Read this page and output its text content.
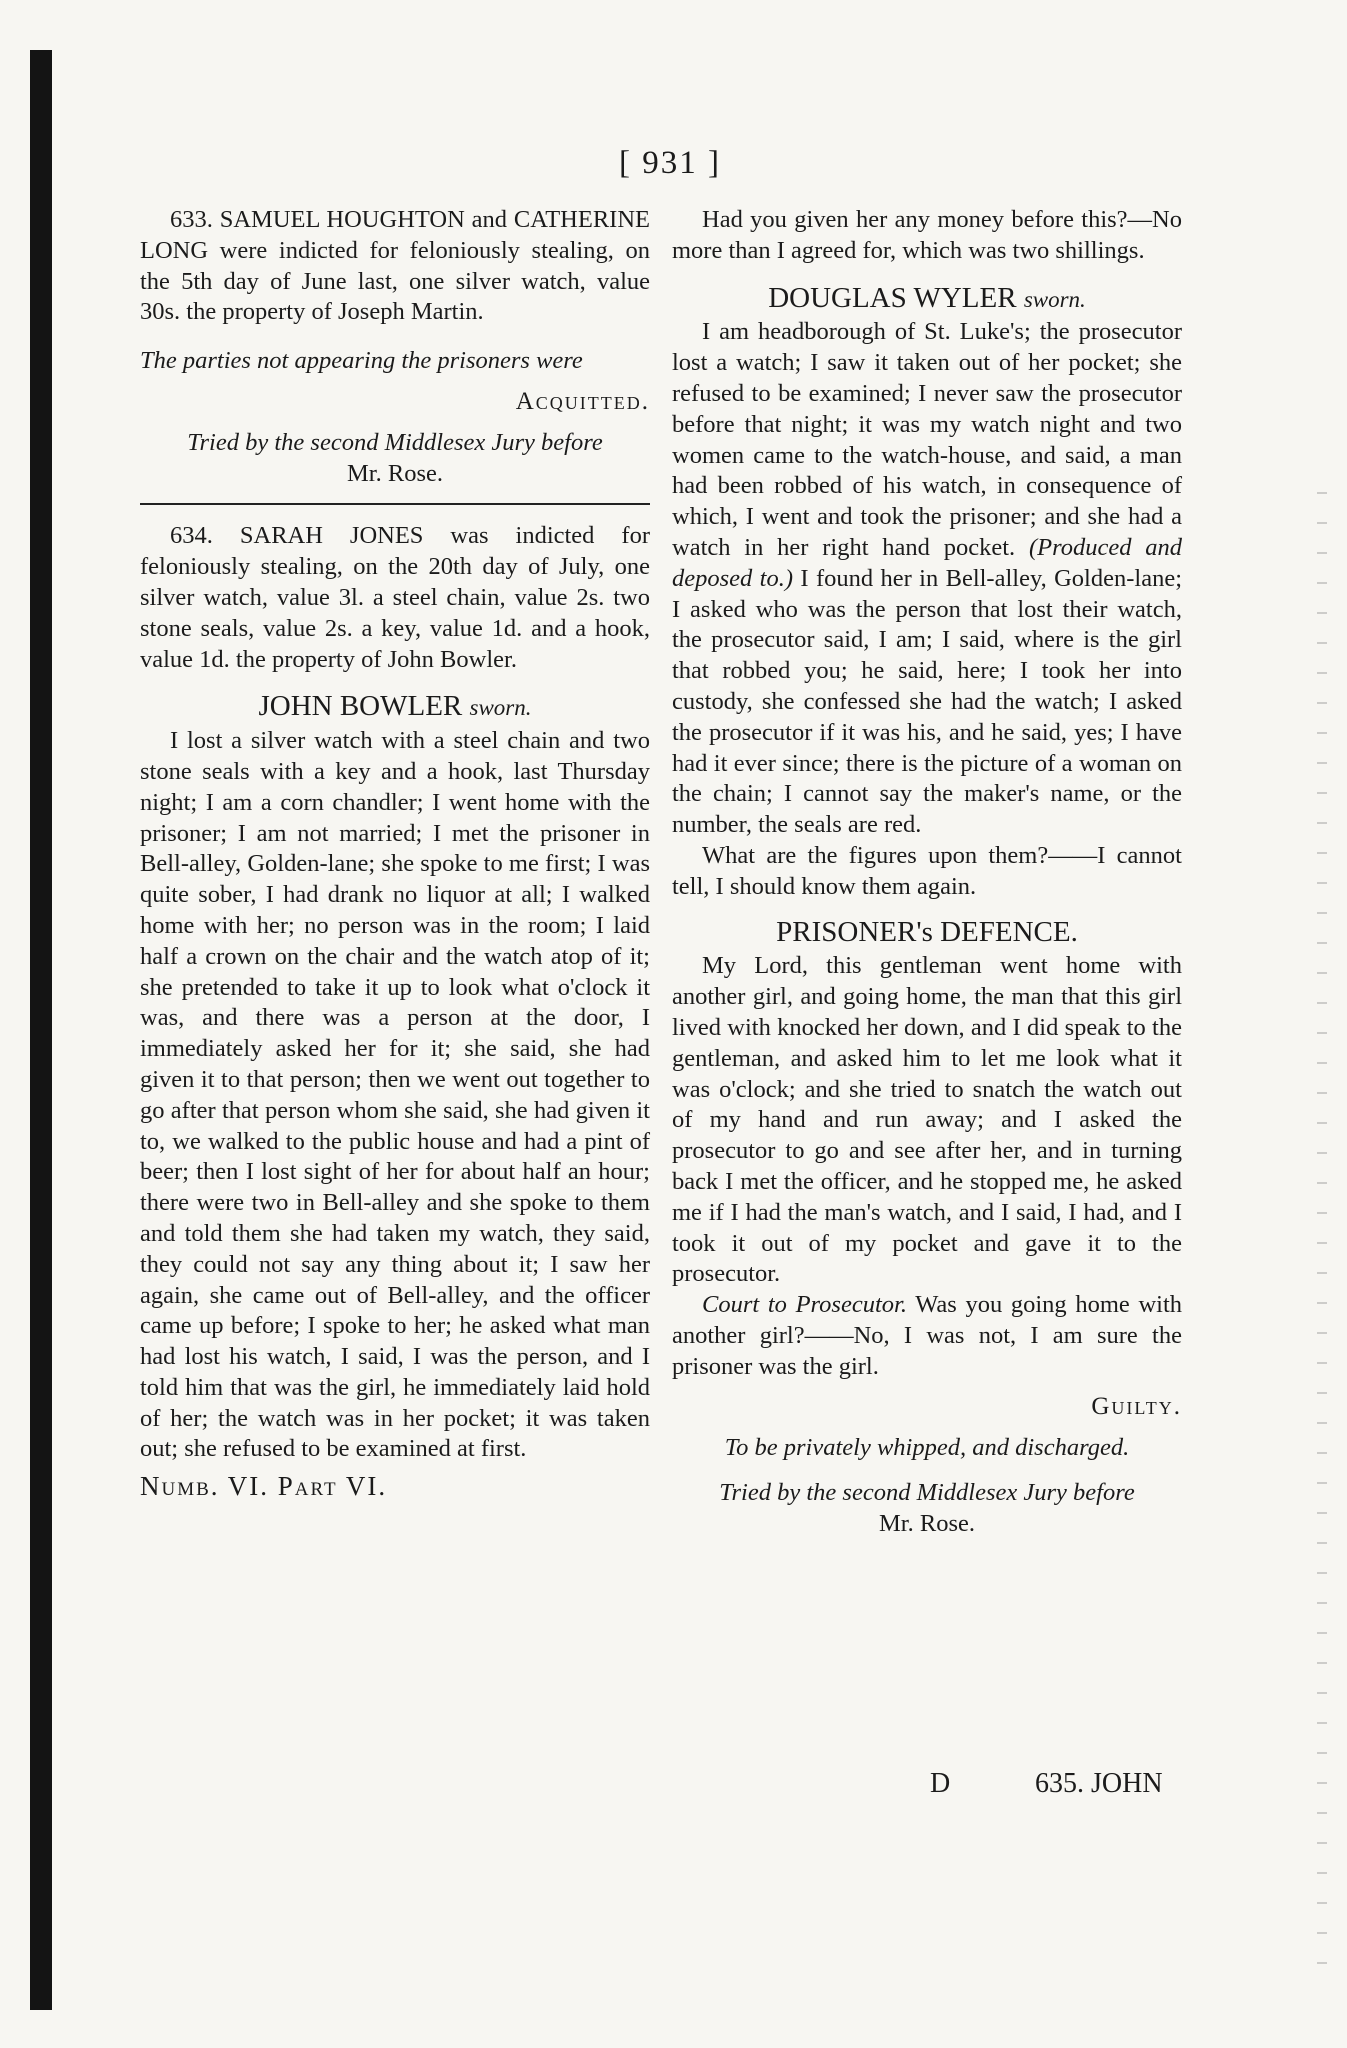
[ 931 ]

633. SAMUEL HOUGHTON and CATHERINE LONG were indicted for feloniously stealing, on the 5th day of June last, one silver watch, value 30s. the property of Joseph Martin.

The parties not appearing the prisoners were

Acquitted.

Tried by the second Middlesex Jury before

Mr. Rose.

634. SARAH JONES was indicted for feloniously stealing, on the 20th day of July, one silver watch, value 3l. a steel chain, value 2s. two stone seals, value 2s. a key, value 1d. and a hook, value 1d. the property of John Bowler.

JOHN BOWLER sworn.

I lost a silver watch with a steel chain and two stone seals with a key and a hook, last Thursday night; I am a corn chandler; I went home with the prisoner; I am not married; I met the prisoner in Bell-alley, Golden-lane; she spoke to me first; I was quite sober, I had drank no liquor at all; I walked home with her; no person was in the room; I laid half a crown on the chair and the watch atop of it; she pretended to take it up to look what o'clock it was, and there was a person at the door, I immediately asked her for it; she said, she had given it to that person; then we went out together to go after that person whom she said, she had given it to, we walked to the public house and had a pint of beer; then I lost sight of her for about half an hour; there were two in Bell-alley and she spoke to them and told them she had taken my watch, they said, they could not say any thing about it; I saw her again, she came out of Bell-alley, and the officer came up before; I spoke to her; he asked what man had lost his watch, I said, I was the person, and I told him that was the girl, he immediately laid hold of her; the watch was in her pocket; it was taken out; she refused to be examined at first.

Numb. VI. Part VI.

Had you given her any money before this?—No more than I agreed for, which was two shillings.

DOUGLAS WYLER sworn.

I am headborough of St. Luke's; the prosecutor lost a watch; I saw it taken out of her pocket; she refused to be examined; I never saw the prosecutor before that night; it was my watch night and two women came to the watch-house, and said, a man had been robbed of his watch, in consequence of which, I went and took the prisoner; and she had a watch in her right hand pocket. (Produced and deposed to.) I found her in Bell-alley, Golden-lane; I asked who was the person that lost their watch, the prosecutor said, I am; I said, where is the girl that robbed you; he said, here; I took her into custody, she confessed she had the watch; I asked the prosecutor if it was his, and he said, yes; I have had it ever since; there is the picture of a woman on the chain; I cannot say the maker's name, or the number, the seals are red.

What are the figures upon them?——I cannot tell, I should know them again.

PRISONER's DEFENCE.

My Lord, this gentleman went home with another girl, and going home, the man that this girl lived with knocked her down, and I did speak to the gentleman, and asked him to let me look what it was o'clock; and she tried to snatch the watch out of my hand and run away; and I asked the prosecutor to go and see after her, and in turning back I met the officer, and he stopped me, he asked me if I had the man's watch, and I said, I had, and I took it out of my pocket and gave it to the prosecutor.

Court to Prosecutor. Was you going home with another girl?——No, I was not, I am sure the prisoner was the girl.

Guilty.

To be privately whipped, and discharged.

Tried by the second Middlesex Jury before

Mr. Rose.

D	635. JOHN
